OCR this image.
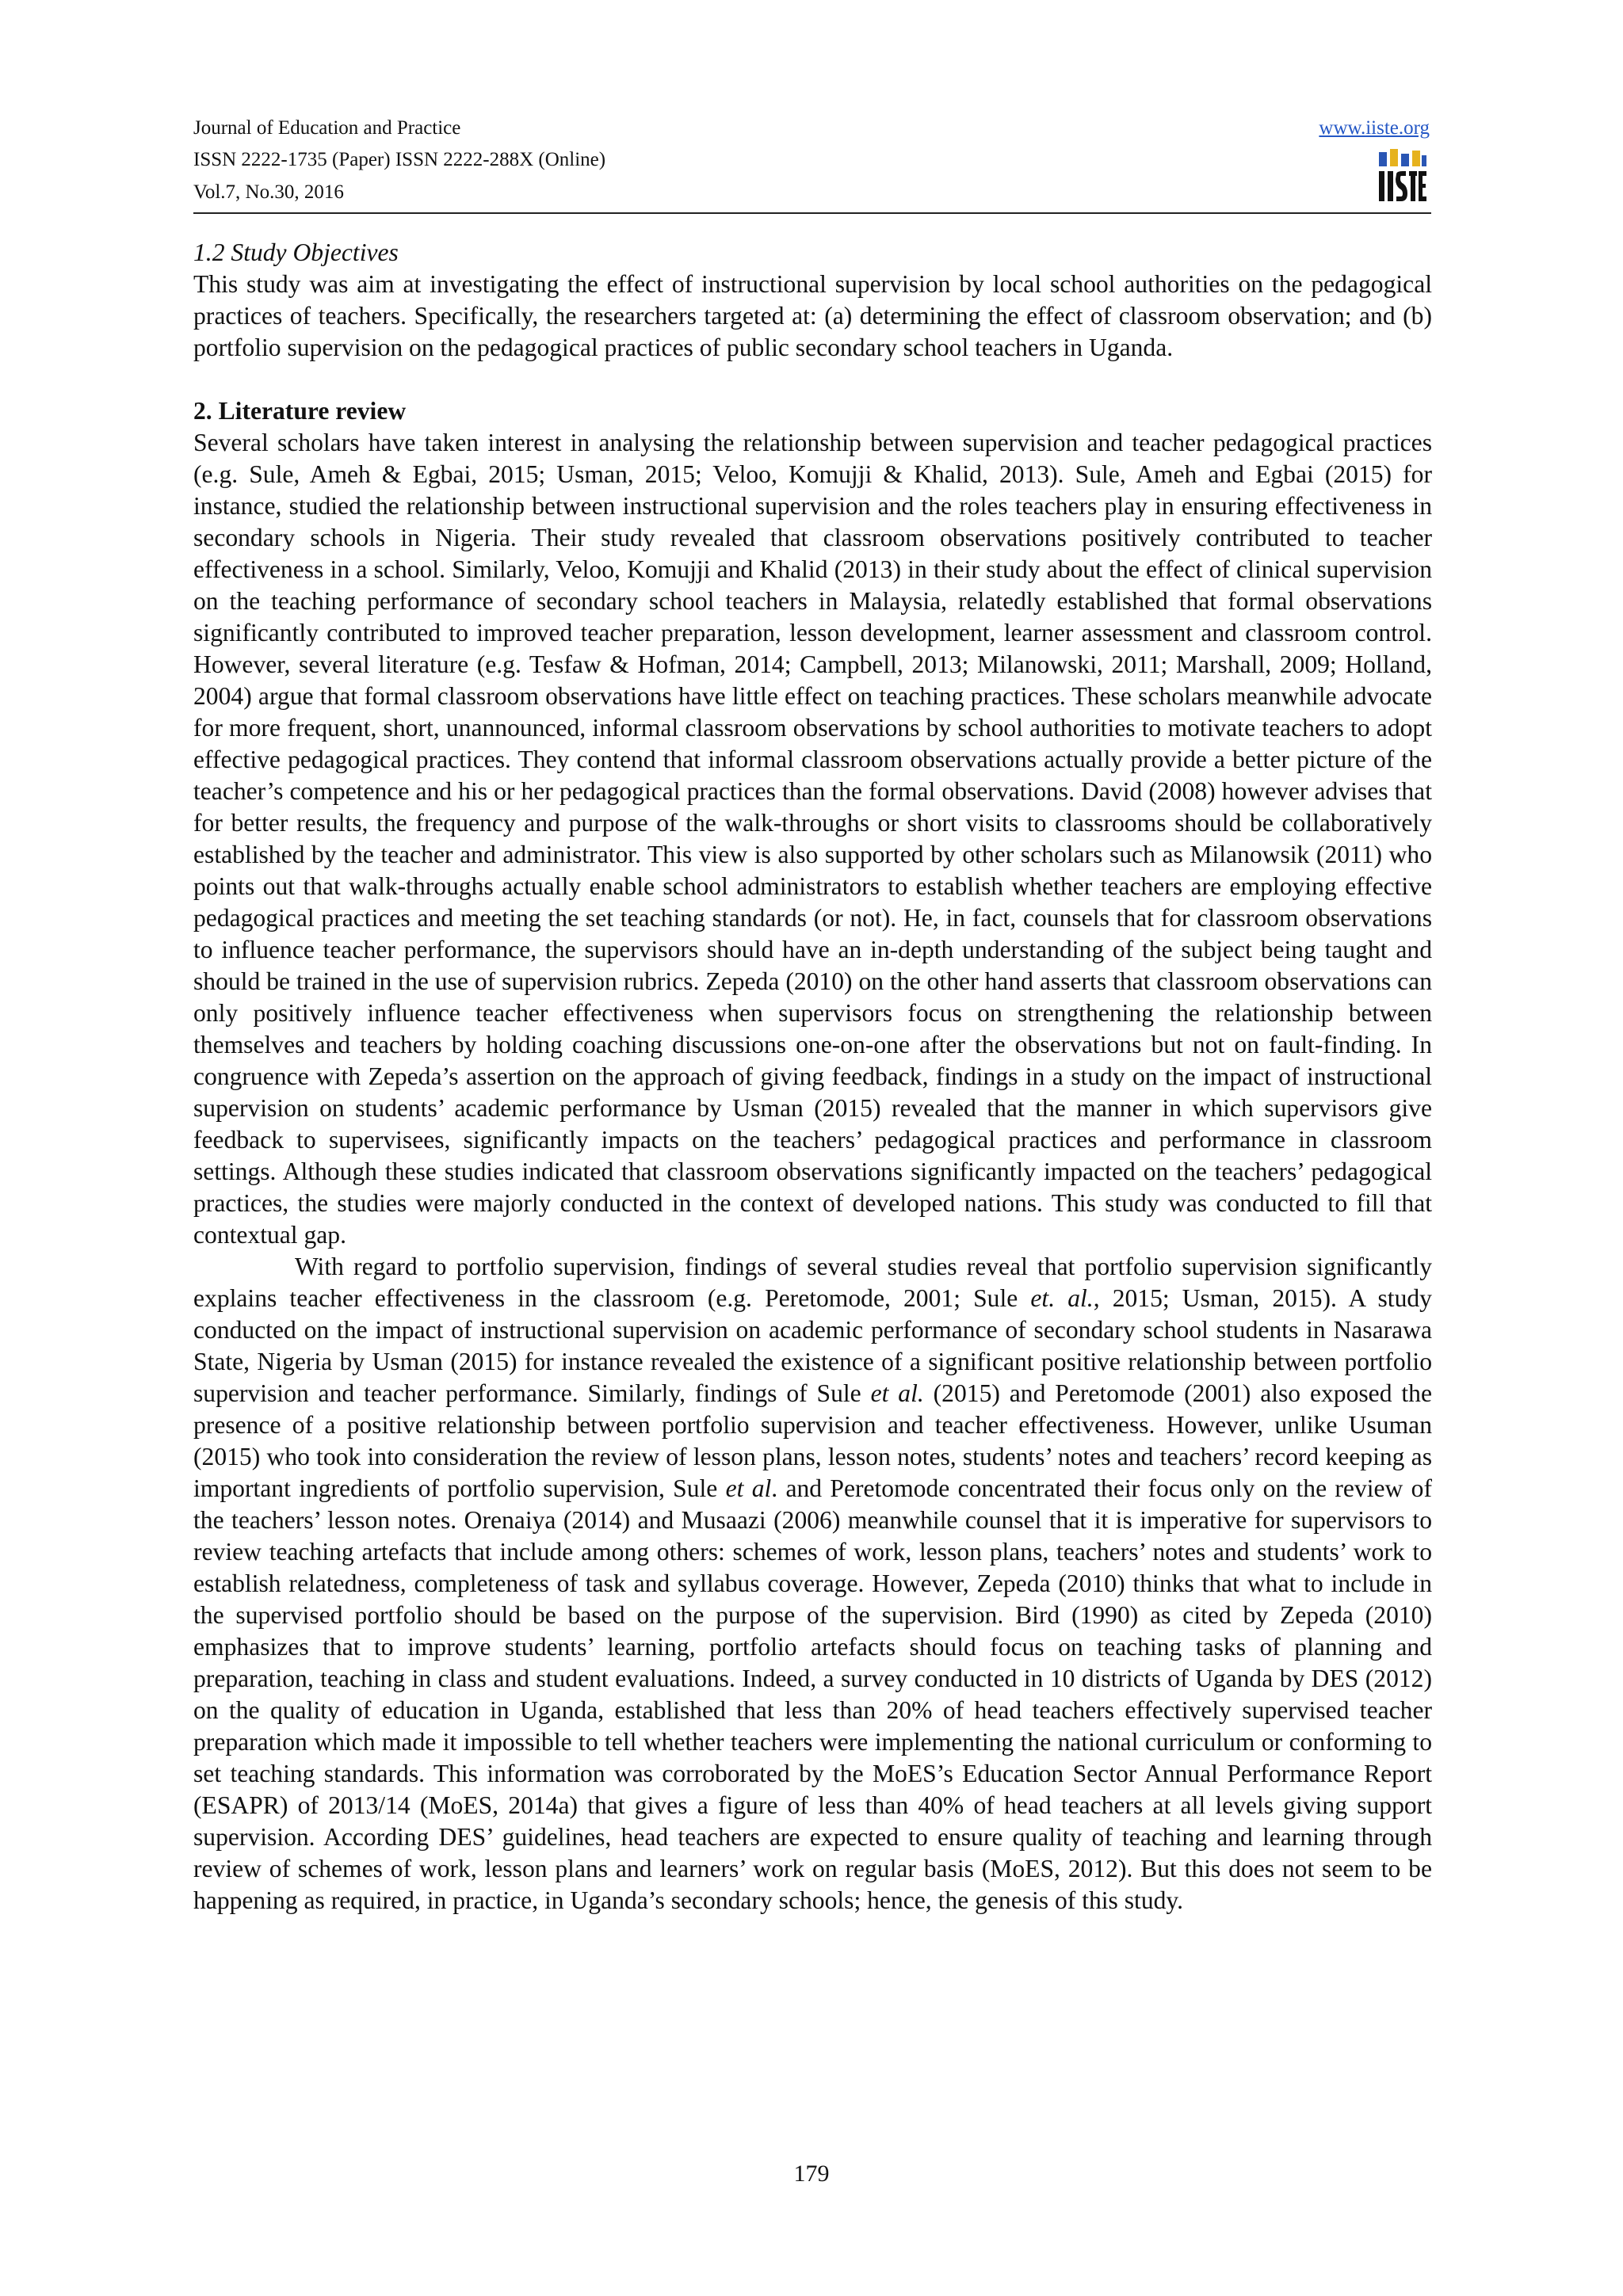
Journal of Education and Practice
ISSN 2222-1735 (Paper) ISSN 2222-288X (Online)
Vol.7, No.30, 2016
www.iiste.org
1.2 Study Objectives

This study was aim at investigating the effect of instructional supervision by local school authorities on the pedagogical practices of teachers. Specifically, the researchers targeted at: (a) determining the effect of classroom observation; and (b) portfolio supervision on the pedagogical practices of public secondary school teachers in Uganda.

2. Literature review

Several scholars have taken interest in analysing the relationship between supervision and teacher pedagogical practices (e.g. Sule, Ameh & Egbai, 2015; Usman, 2015; Veloo, Komujji & Khalid, 2013). Sule, Ameh and Egbai (2015) for instance, studied the relationship between instructional supervision and the roles teachers play in ensuring effectiveness in secondary schools in Nigeria. Their study revealed that classroom observations positively contributed to teacher effectiveness in a school. Similarly, Veloo, Komujji and Khalid (2013) in their study about the effect of clinical supervision on the teaching performance of secondary school teachers in Malaysia, relatedly established that formal observations significantly contributed to improved teacher preparation, lesson development, learner assessment and classroom control. However, several literature (e.g. Tesfaw & Hofman, 2014; Campbell, 2013; Milanowski, 2011; Marshall, 2009; Holland, 2004) argue that formal classroom observations have little effect on teaching practices. These scholars meanwhile advocate for more frequent, short, unannounced, informal classroom observations by school authorities to motivate teachers to adopt effective pedagogical practices. They contend that informal classroom observations actually provide a better picture of the teacher’s competence and his or her pedagogical practices than the formal observations. David (2008) however advises that for better results, the frequency and purpose of the walk-throughs or short visits to classrooms should be collaboratively established by the teacher and administrator. This view is also supported by other scholars such as Milanowsik (2011) who points out that walk-throughs actually enable school administrators to establish whether teachers are employing effective pedagogical practices and meeting the set teaching standards (or not). He, in fact, counsels that for classroom observations to influence teacher performance, the supervisors should have an in-depth understanding of the subject being taught and should be trained in the use of supervision rubrics. Zepeda (2010) on the other hand asserts that classroom observations can only positively influence teacher effectiveness when supervisors focus on strengthening the relationship between themselves and teachers by holding coaching discussions one-on-one after the observations but not on fault-finding. In congruence with Zepeda’s assertion on the approach of giving feedback, findings in a study on the impact of instructional supervision on students’ academic performance by Usman (2015) revealed that the manner in which supervisors give feedback to supervisees, significantly impacts on the teachers’ pedagogical practices and performance in classroom settings. Although these studies indicated that classroom observations significantly impacted on the teachers’ pedagogical practices, the studies were majorly conducted in the context of developed nations. This study was conducted to fill that contextual gap.

With regard to portfolio supervision, findings of several studies reveal that portfolio supervision significantly explains teacher effectiveness in the classroom (e.g. Peretomode, 2001; Sule et. al., 2015; Usman, 2015). A study conducted on the impact of instructional supervision on academic performance of secondary school students in Nasarawa State, Nigeria by Usman (2015) for instance revealed the existence of a significant positive relationship between portfolio supervision and teacher performance. Similarly, findings of Sule et al. (2015) and Peretomode (2001) also exposed the presence of a positive relationship between portfolio supervision and teacher effectiveness. However, unlike Usuman (2015) who took into consideration the review of lesson plans, lesson notes, students’ notes and teachers’ record keeping as important ingredients of portfolio supervision, Sule et al. and Peretomode concentrated their focus only on the review of the teachers’ lesson notes. Orenaiya (2014) and Musaazi (2006) meanwhile counsel that it is imperative for supervisors to review teaching artefacts that include among others: schemes of work, lesson plans, teachers’ notes and students’ work to establish relatedness, completeness of task and syllabus coverage. However, Zepeda (2010) thinks that what to include in the supervised portfolio should be based on the purpose of the supervision. Bird (1990) as cited by Zepeda (2010) emphasizes that to improve students’ learning, portfolio artefacts should focus on teaching tasks of planning and preparation, teaching in class and student evaluations. Indeed, a survey conducted in 10 districts of Uganda by DES (2012) on the quality of education in Uganda, established that less than 20% of head teachers effectively supervised teacher preparation which made it impossible to tell whether teachers were implementing the national curriculum or conforming to set teaching standards. This information was corroborated by the MoES’s Education Sector Annual Performance Report (ESAPR) of 2013/14 (MoES, 2014a) that gives a figure of less than 40% of head teachers at all levels giving support supervision. According DES’ guidelines, head teachers are expected to ensure quality of teaching and learning through review of schemes of work, lesson plans and learners’ work on regular basis (MoES, 2012). But this does not seem to be happening as required, in practice, in Uganda’s secondary schools; hence, the genesis of this study.

179
